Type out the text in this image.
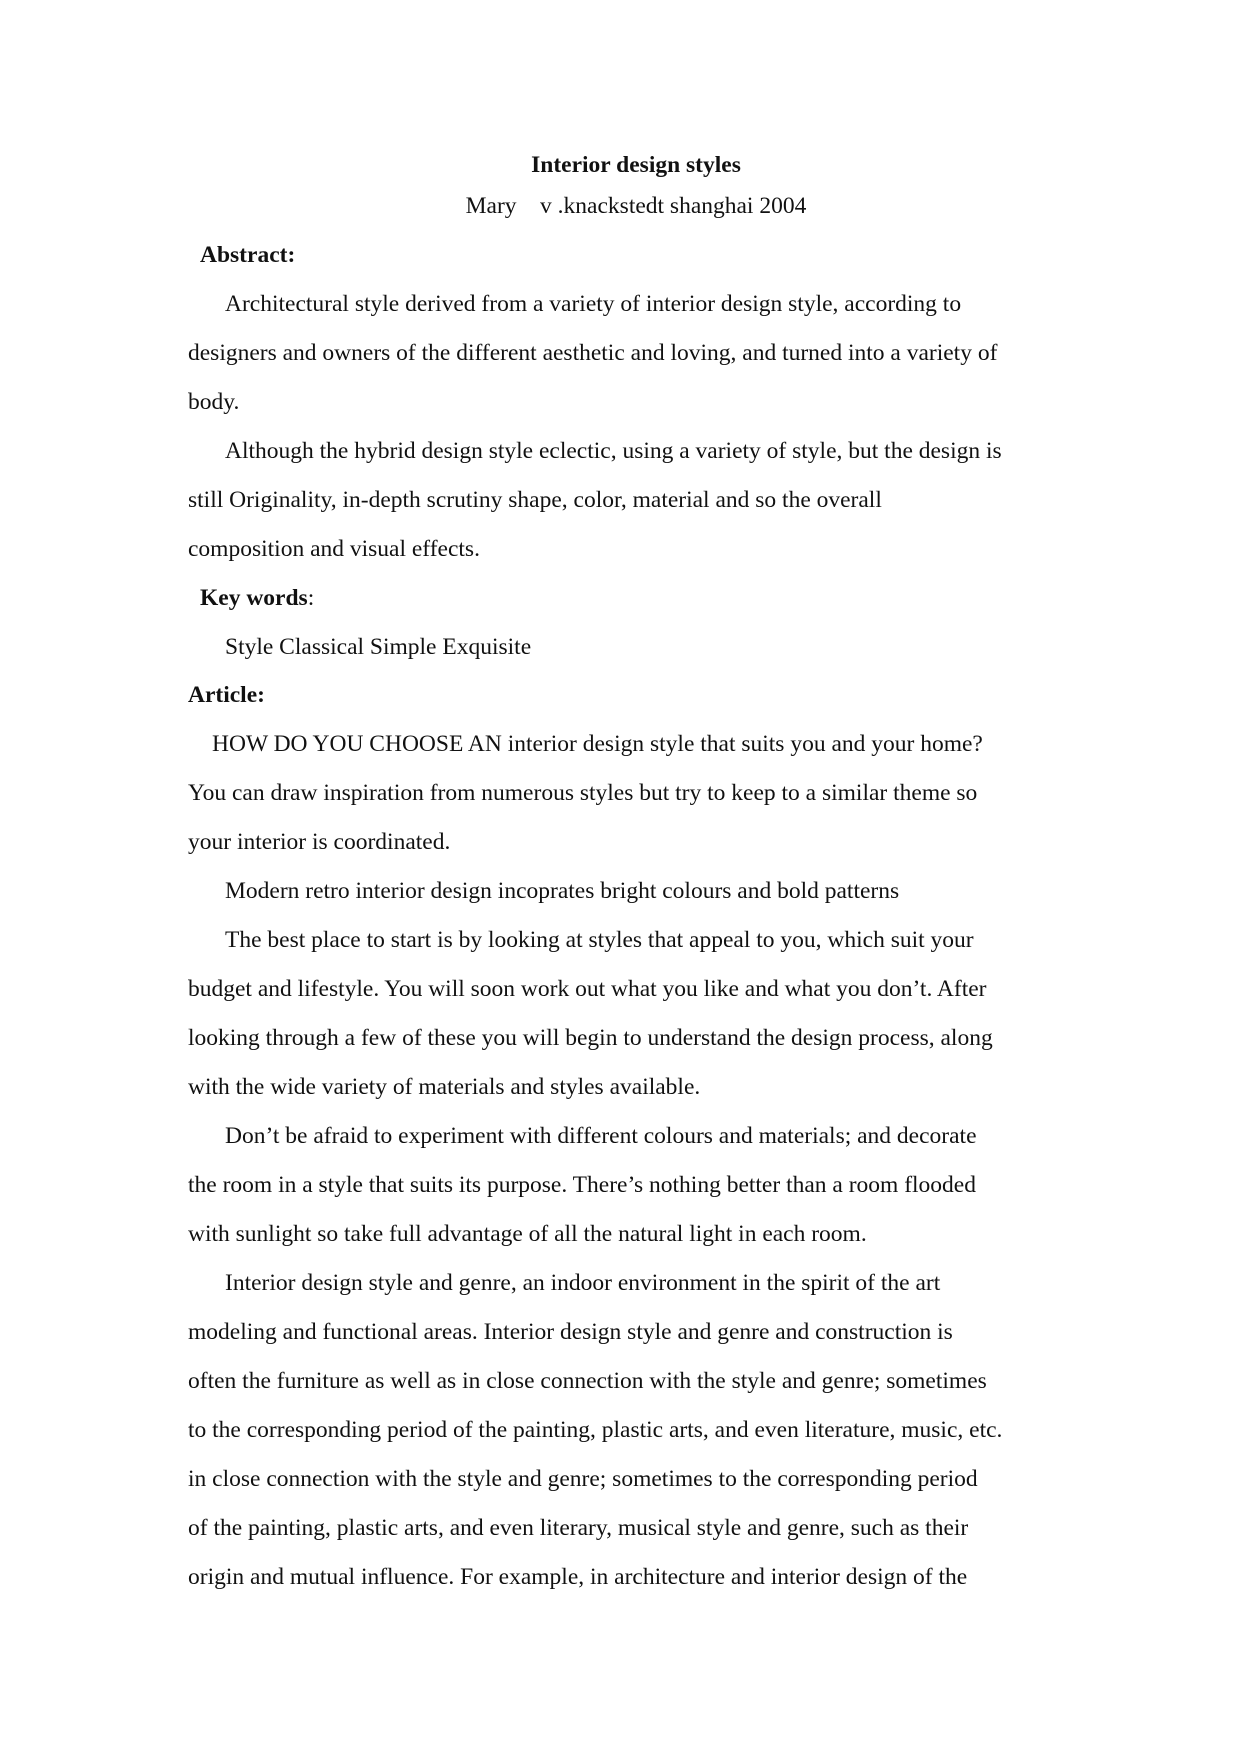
Interior design styles
Mary    v .knackstedt shanghai 2004
Abstract:
Architectural style derived from a variety of interior design style, according to
designers and owners of the different aesthetic and loving, and turned into a variety of
body.
Although the hybrid design style eclectic, using a variety of style, but the design is
still Originality, in-depth scrutiny shape, color, material and so the overall
composition and visual effects.
Key words:
Style Classical Simple Exquisite
Article:
HOW DO YOU CHOOSE AN interior design style that suits you and your home?
You can draw inspiration from numerous styles but try to keep to a similar theme so
your interior is coordinated.
Modern retro interior design incoprates bright colours and bold patterns
The best place to start is by looking at styles that appeal to you, which suit your
budget and lifestyle. You will soon work out what you like and what you don’t. After
looking through a few of these you will begin to understand the design process, along
with the wide variety of materials and styles available.
Don’t be afraid to experiment with different colours and materials; and decorate
the room in a style that suits its purpose. There’s nothing better than a room flooded
with sunlight so take full advantage of all the natural light in each room.
Interior design style and genre, an indoor environment in the spirit of the art
modeling and functional areas. Interior design style and genre and construction is
often the furniture as well as in close connection with the style and genre; sometimes
to the corresponding period of the painting, plastic arts, and even literature, music, etc.
in close connection with the style and genre; sometimes to the corresponding period
of the painting, plastic arts, and even literary, musical style and genre, such as their
origin and mutual influence. For example, in architecture and interior design of the
